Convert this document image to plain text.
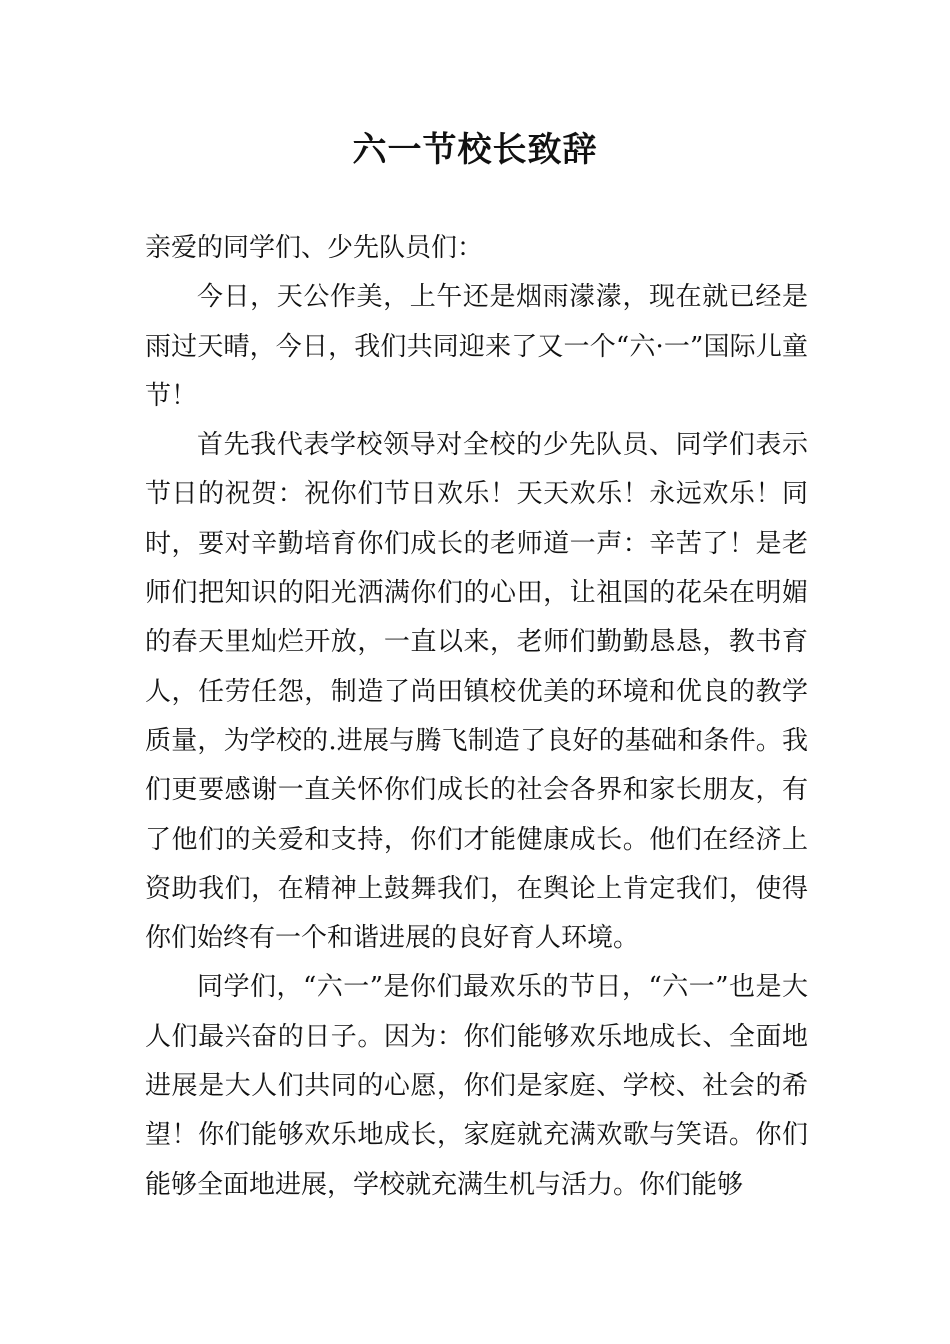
六一节校长致辞

亲爱的同学们、少先队员们：

今日，天公作美，上午还是烟雨濛濛，现在就已经是雨过天晴，今日，我们共同迎来了又一个“六·一”国际儿童节！

首先我代表学校领导对全校的少先队员、同学们表示节日的祝贺：祝你们节日欢乐！天天欢乐！永远欢乐！同时，要对辛勤培育你们成长的老师道一声：辛苦了！是老师们把知识的阳光洒满你们的心田，让祖国的花朵在明媚的春天里灿烂开放，一直以来，老师们勤勤恳恳，教书育人，任劳任怨，制造了尚田镇校优美的环境和优良的教学质量，为学校的.进展与腾飞制造了良好的基础和条件。我们更要感谢一直关怀你们成长的社会各界和家长朋友，有了他们的关爱和支持，你们才能健康成长。他们在经济上资助我们，在精神上鼓舞我们，在舆论上肯定我们，使得你们始终有一个和谐进展的良好育人环境。

同学们，“六一”是你们最欢乐的节日，“六一”也是大人们最兴奋的日子。因为：你们能够欢乐地成长、全面地进展是大人们共同的心愿，你们是家庭、学校、社会的希望！你们能够欢乐地成长，家庭就充满欢歌与笑语。你们能够全面地进展，学校就充满生机与活力。你们能够
